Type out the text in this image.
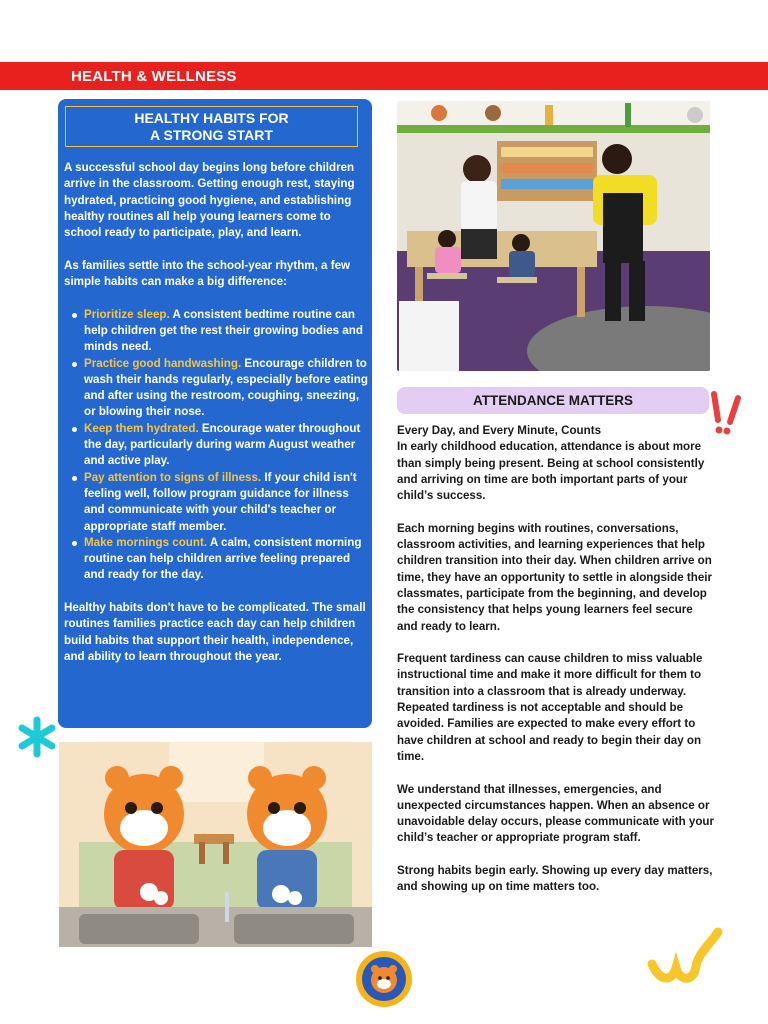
HEALTH & WELLNESS
HEALTHY HABITS FOR
A STRONG START

A successful school day begins long before children arrive in the classroom. Getting enough rest, staying hydrated, practicing good hygiene, and establishing healthy routines all help young learners come to school ready to participate, play, and learn.

As families settle into the school-year rhythm, a few simple habits can make a big difference:

Prioritize sleep. A consistent bedtime routine can help children get the rest their growing bodies and minds need.
Practice good handwashing. Encourage children to wash their hands regularly, especially before eating and after using the restroom, coughing, sneezing, or blowing their nose.
Keep them hydrated. Encourage water throughout the day, particularly during warm August weather and active play.
Pay attention to signs of illness. If your child isn't feeling well, follow program guidance for illness and communicate with your child's teacher or appropriate staff member.
Make mornings count. A calm, consistent morning routine can help children arrive feeling prepared and ready for the day.

Healthy habits don't have to be complicated. The small routines families practice each day can help children build habits that support their health, independence, and ability to learn throughout the year.

ATTENDANCE MATTERS

Every Day, and Every Minute, Counts
In early childhood education, attendance is about more than simply being present. Being at school consistently and arriving on time are both important parts of your child’s success.

Each morning begins with routines, conversations, classroom activities, and learning experiences that help children transition into their day. When children arrive on time, they have an opportunity to settle in alongside their classmates, participate from the beginning, and develop the consistency that helps young learners feel secure and ready to learn.

Frequent tardiness can cause children to miss valuable instructional time and make it more difficult for them to transition into a classroom that is already underway. Repeated tardiness is not acceptable and should be avoided. Families are expected to make every effort to have children at school and ready to begin their day on time.

We understand that illnesses, emergencies, and unexpected circumstances happen. When an absence or unavoidable delay occurs, please communicate with your child’s teacher or appropriate program staff.

Strong habits begin early. Showing up every day matters, and showing up on time matters too.
